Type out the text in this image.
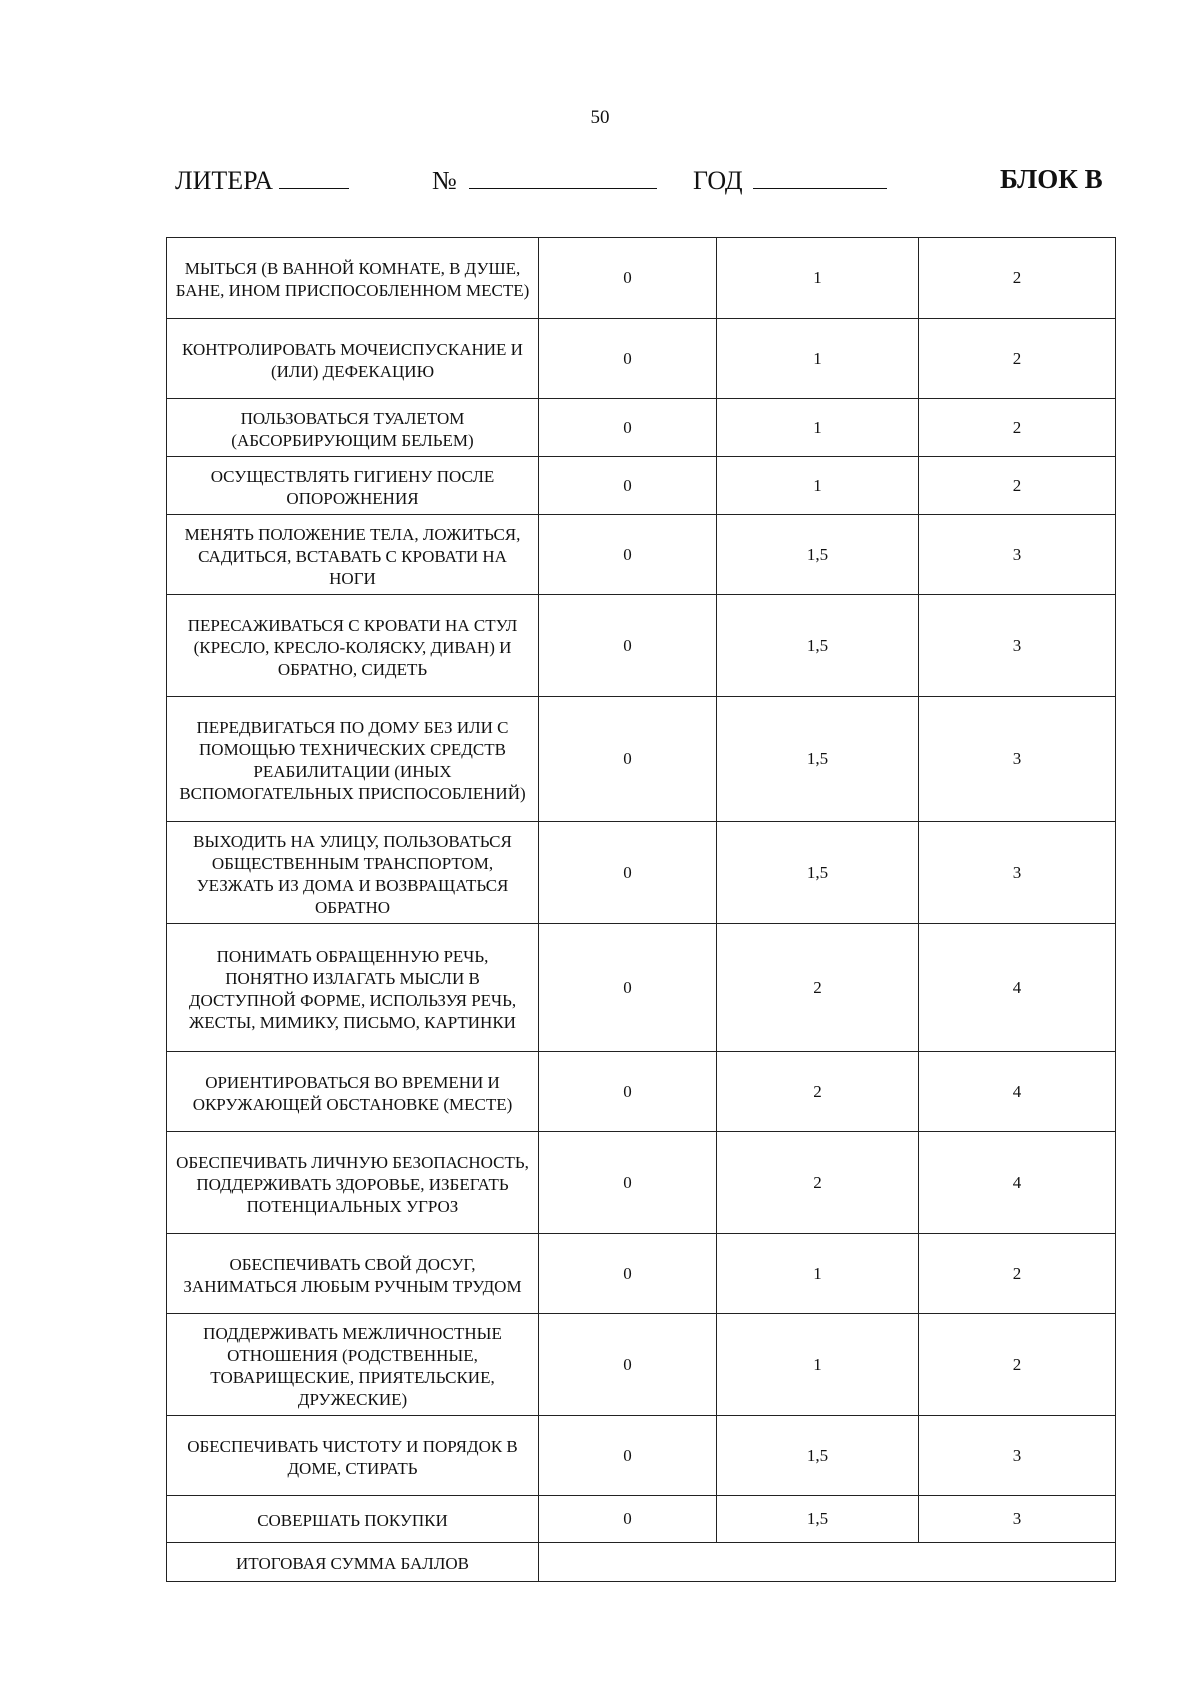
50
ЛИТЕРА	№	ГОД	БЛОК В
МЫТЬСЯ (В ВАННОЙ КОМНАТЕ, В ДУШЕ, БАНЕ, ИНОМ ПРИСПОСОБЛЕННОМ МЕСТЕ)	0	1	2
КОНТРОЛИРОВАТЬ МОЧЕИСПУСКАНИЕ И (ИЛИ) ДЕФЕКАЦИЮ	0	1	2
ПОЛЬЗОВАТЬСЯ ТУАЛЕТОМ (АБСОРБИРУЮЩИМ БЕЛЬЕМ)	0	1	2
ОСУЩЕСТВЛЯТЬ ГИГИЕНУ ПОСЛЕ ОПОРОЖНЕНИЯ	0	1	2
МЕНЯТЬ ПОЛОЖЕНИЕ ТЕЛА, ЛОЖИТЬСЯ, САДИТЬСЯ, ВСТАВАТЬ С КРОВАТИ НА НОГИ	0	1,5	3
ПЕРЕСАЖИВАТЬСЯ С КРОВАТИ НА СТУЛ (КРЕСЛО, КРЕСЛО-КОЛЯСКУ, ДИВАН) И ОБРАТНО, СИДЕТЬ	0	1,5	3
ПЕРЕДВИГАТЬСЯ ПО ДОМУ БЕЗ ИЛИ С ПОМОЩЬЮ ТЕХНИЧЕСКИХ СРЕДСТВ РЕАБИЛИТАЦИИ (ИНЫХ ВСПОМОГАТЕЛЬНЫХ ПРИСПОСОБЛЕНИЙ)	0	1,5	3
ВЫХОДИТЬ НА УЛИЦУ, ПОЛЬЗОВАТЬСЯ ОБЩЕСТВЕННЫМ ТРАНСПОРТОМ, УЕЗЖАТЬ ИЗ ДОМА И ВОЗВРАЩАТЬСЯ ОБРАТНО	0	1,5	3
ПОНИМАТЬ ОБРАЩЕННУЮ РЕЧЬ, ПОНЯТНО ИЗЛАГАТЬ МЫСЛИ В ДОСТУПНОЙ ФОРМЕ, ИСПОЛЬЗУЯ РЕЧЬ, ЖЕСТЫ, МИМИКУ, ПИСЬМО, КАРТИНКИ	0	2	4
ОРИЕНТИРОВАТЬСЯ ВО ВРЕМЕНИ И ОКРУЖАЮЩЕЙ ОБСТАНОВКЕ (МЕСТЕ)	0	2	4
ОБЕСПЕЧИВАТЬ ЛИЧНУЮ БЕЗОПАСНОСТЬ, ПОДДЕРЖИВАТЬ ЗДОРОВЬЕ, ИЗБЕГАТЬ ПОТЕНЦИАЛЬНЫХ УГРОЗ	0	2	4
ОБЕСПЕЧИВАТЬ СВОЙ ДОСУГ, ЗАНИМАТЬСЯ ЛЮБЫМ РУЧНЫМ ТРУДОМ	0	1	2
ПОДДЕРЖИВАТЬ МЕЖЛИЧНОСТНЫЕ ОТНОШЕНИЯ (РОДСТВЕННЫЕ, ТОВАРИЩЕСКИЕ, ПРИЯТЕЛЬСКИЕ, ДРУЖЕСКИЕ)	0	1	2
ОБЕСПЕЧИВАТЬ ЧИСТОТУ И ПОРЯДОК В ДОМЕ, СТИРАТЬ	0	1,5	3
СОВЕРШАТЬ ПОКУПКИ	0	1,5	3
ИТОГОВАЯ СУММА БАЛЛОВ			
